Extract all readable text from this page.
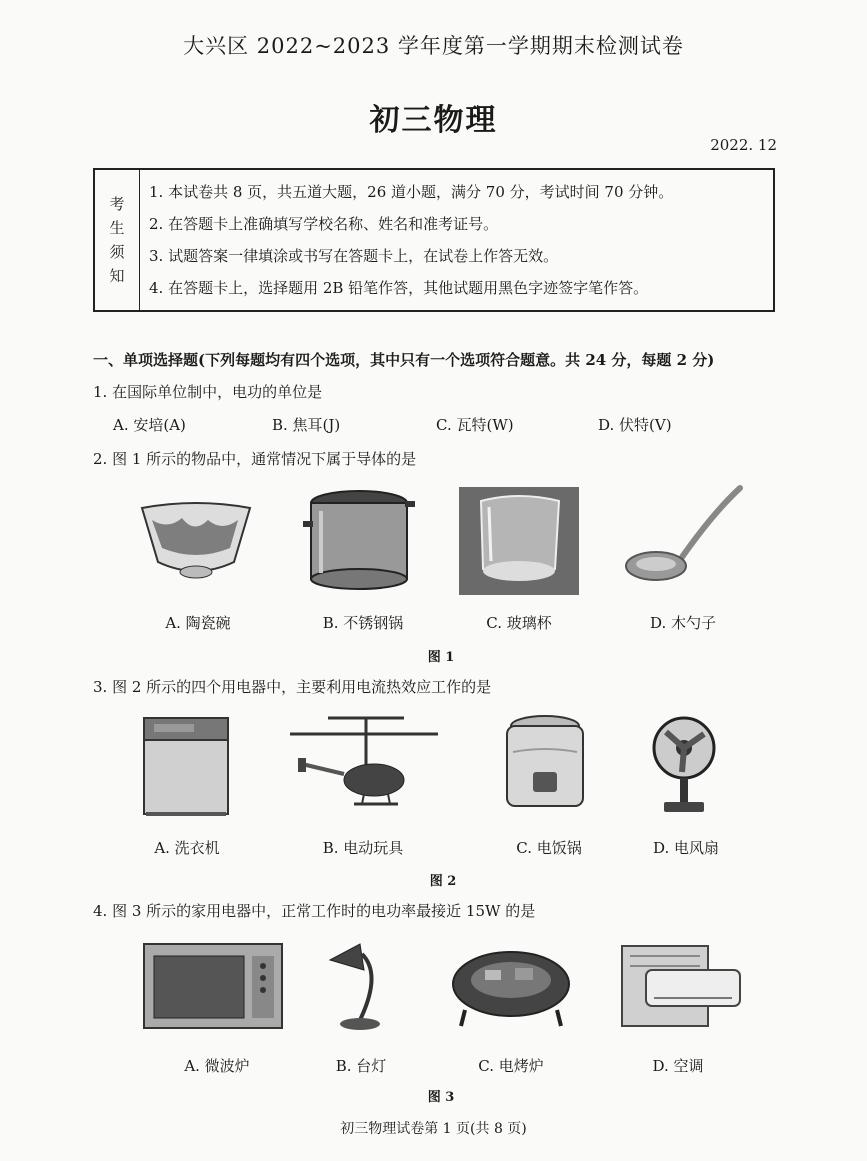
大兴区 2022~2023 学年度第一学期期末检测试卷
初三物理
2022. 12
考
生
须
知
1. 本试卷共 8 页，共五道大题，26 道小题，满分 70 分，考试时间 70 分钟。
2. 在答题卡上准确填写学校名称、姓名和准考证号。
3. 试题答案一律填涂或书写在答题卡上，在试卷上作答无效。
4. 在答题卡上，选择题用 2B 铅笔作答，其他试题用黑色字迹签字笔作答。
一、单项选择题(下列每题均有四个选项，其中只有一个选项符合题意。共 24 分，每题 2 分)
1. 在国际单位制中，电功的单位是
A. 安培(A)	B. 焦耳(J)	C. 瓦特(W)	D. 伏特(V)
2. 图 1 所示的物品中，通常情况下属于导体的是
A. 陶瓷碗	B. 不锈钢锅	C. 玻璃杯	D. 木勺子
图 1
3. 图 2 所示的四个用电器中，主要利用电流热效应工作的是
A. 洗衣机	B. 电动玩具	C. 电饭锅	D. 电风扇
图 2
4. 图 3 所示的家用电器中，正常工作时的电功率最接近 15W 的是
A. 微波炉	B. 台灯	C. 电烤炉	D. 空调
图 3
初三物理试卷第 1 页(共 8 页)
